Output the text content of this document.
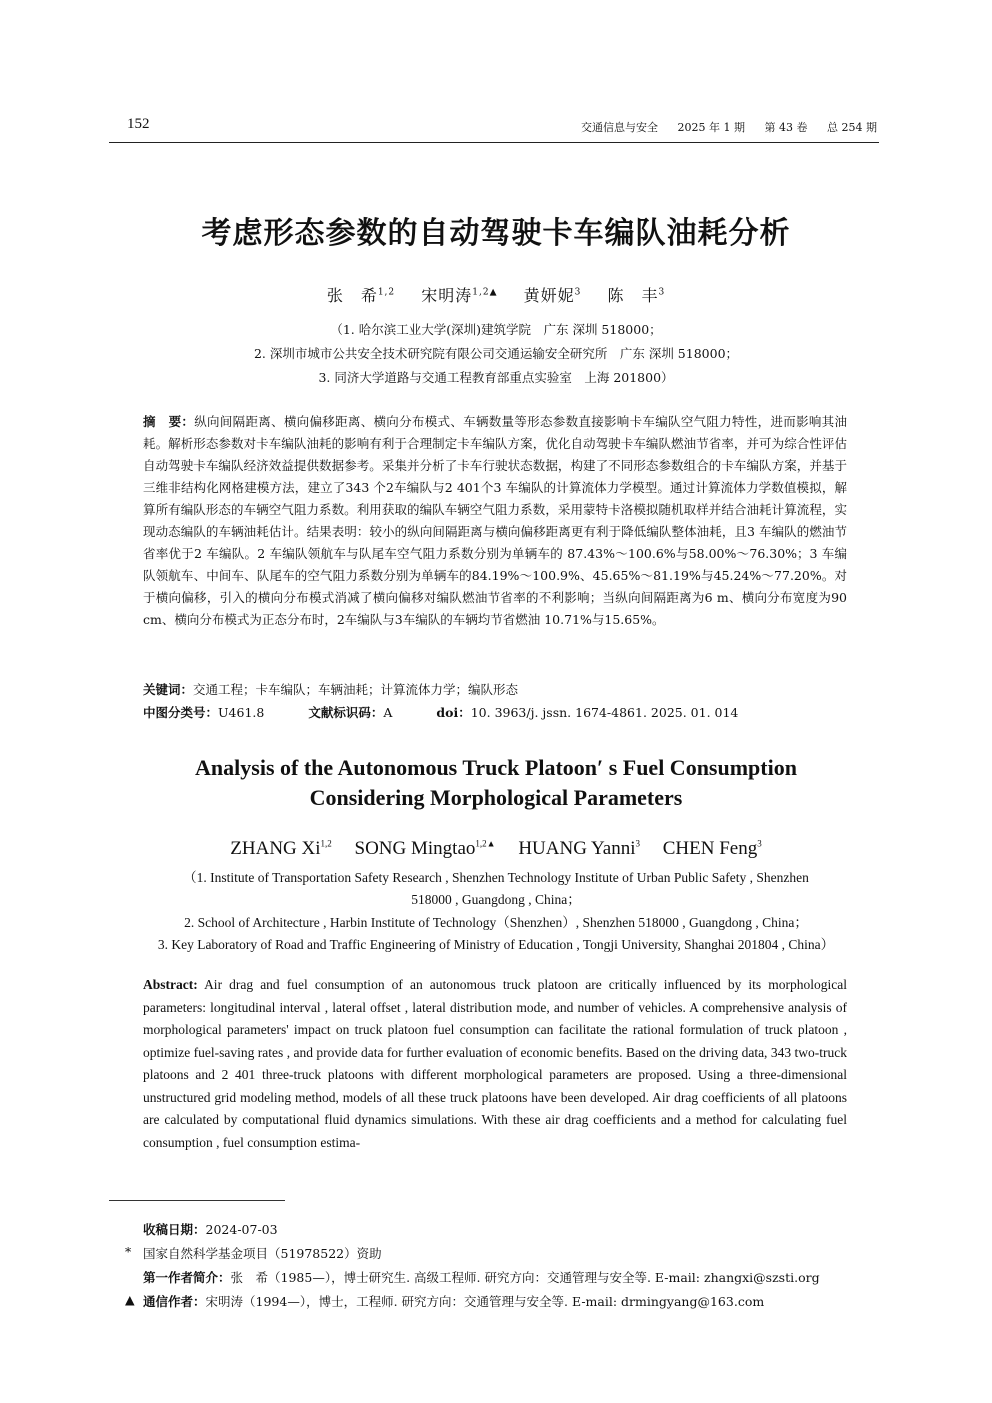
152	交通信息与安全 2025 年 1 期 第 43 卷 总 254 期
考虑形态参数的自动驾驶卡车编队油耗分析
张　希$^{1,2}$ 宋明涛$^{1,2▲}$ 黄妍妮$^3$ 陈　丰$^3$
（1. 哈尔滨工业大学(深圳)建筑学院　广东 深圳 518000；
2. 深圳市城市公共安全技术研究院有限公司交通运输安全研究所　广东 深圳 518000；
3. 同济大学道路与交通工程教育部重点实验室　上海 201800）
摘　要：纵向间隔距离、横向偏移距离、横向分布模式、车辆数量等形态参数直接影响卡车编队空气阻力特性，进而影响其油耗。解析形态参数对卡车编队油耗的影响有利于合理制定卡车编队方案，优化自动驾驶卡车编队燃油节省率，并可为综合性评估自动驾驶卡车编队经济效益提供数据参考。采集并分析了卡车行驶状态数据，构建了不同形态参数组合的卡车编队方案，并基于三维非结构化网格建模方法，建立了343 个2车编队与2 401个3 车编队的计算流体力学模型。通过计算流体力学数值模拟，解算所有编队形态的车辆空气阻力系数。利用获取的编队车辆空气阻力系数，采用蒙特卡洛模拟随机取样并结合油耗计算流程，实现动态编队的车辆油耗估计。结果表明：较小的纵向间隔距离与横向偏移距离更有利于降低编队整体油耗，且3 车编队的燃油节省率优于2 车编队。2 车编队领航车与队尾车空气阻力系数分别为单辆车的 87.43%～100.6%与58.00%～76.30%；3 车编队领航车、中间车、队尾车的空气阻力系数分别为单辆车的84.19%～100.9%、45.65%～81.19%与45.24%～77.20%。对于横向偏移，引入的横向分布模式消减了横向偏移对编队燃油节省率的不利影响；当纵向间隔距离为6 m、横向分布宽度为90 cm、横向分布模式为正态分布时，2车编队与3车编队的车辆均节省燃油 10.71%与15.65%。
关键词：交通工程；卡车编队；车辆油耗；计算流体力学；编队形态
中图分类号：U461.8	文献标识码：A	doi：10. 3963/j. jssn. 1674-4861. 2025. 01. 014
Analysis of the Autonomous Truck Platoon′ s Fuel Consumption
Considering Morphological Parameters
ZHANG Xi$^{1,2}$ SONG Mingtao$^{1,2▲}$ HUANG Yanni$^3$ CHEN Feng$^3$
（1. Institute of Transportation Safety Research , Shenzhen Technology Institute of Urban Public Safety , Shenzhen
518000 , Guangdong , China；
2. School of Architecture , Harbin Institute of Technology（Shenzhen）, Shenzhen 518000 , Guangdong , China；
3. Key Laboratory of Road and Traffic Engineering of Ministry of Education , Tongji University, Shanghai 201804 , China）
Abstract: Air drag and fuel consumption of an autonomous truck platoon are critically influenced by its morphological parameters: longitudinal interval , lateral offset , lateral distribution mode, and number of vehicles. A comprehensive analysis of morphological parameters' impact on truck platoon fuel consumption can facilitate the rational formulation of truck platoon , optimize fuel-saving rates , and provide data for further evaluation of economic benefits. Based on the driving data, 343 two-truck platoons and 2 401 three-truck platoons with different morphological parameters are proposed. Using a three-dimensional unstructured grid modeling method, models of all these truck platoons have been developed. Air drag coefficients of all platoons are calculated by computational fluid dynamics simulations. With these air drag coefficients and a method for calculating fuel consumption , fuel consumption estima-
收稿日期：2024-07-03
* 国家自然科学基金项目（51978522）资助
第一作者简介：张　希（1985—），博士研究生. 高级工程师. 研究方向：交通管理与安全等. E-mail: zhangxi@szsti.org
▲ 通信作者：宋明涛（1994—），博士，工程师. 研究方向：交通管理与安全等. E-mail: drmingyang@163.com
